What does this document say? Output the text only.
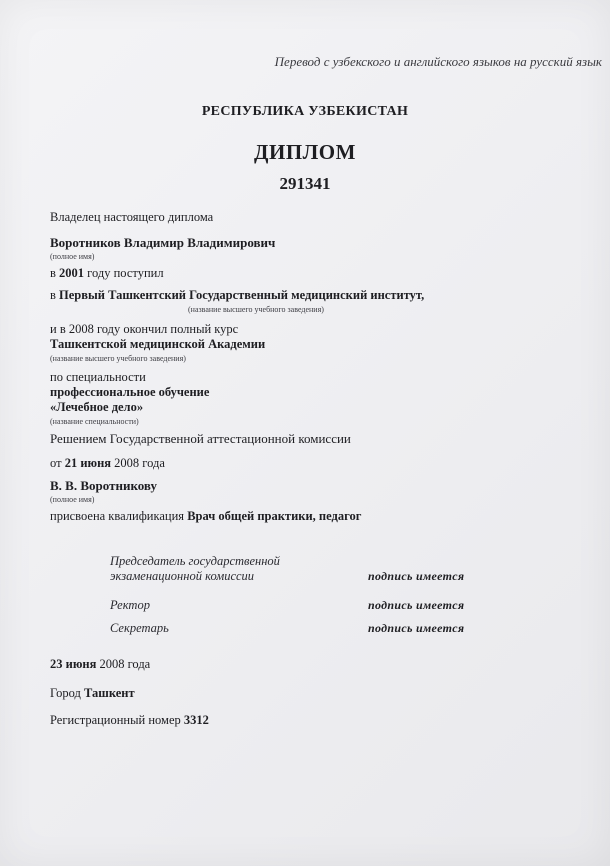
Перевод с узбекского и английского языков на русский язык
РЕСПУБЛИКА УЗБЕКИСТАН
ДИПЛОМ
291341
Владелец настоящего диплома
Воротников Владимир Владимирович
(полное имя)
в 2001 году поступил
в Первый Ташкентский Государственный медицинский институт,
(название высшего учебного заведения)
и в 2008 году окончил полный курс
Ташкентской медицинской Академии
(название высшего учебного заведения)
по специальности
профессиональное обучение
«Лечебное дело»
(название специальности)
Решением Государственной аттестационной комиссии
от 21 июня 2008 года
В. В. Воротникову
(полное имя)
присвоена квалификация Врач общей практики, педагог
Председатель государственной
экзаменационной комиссии	подпись имеется
Ректор	подпись имеется
Секретарь	подпись имеется
23 июня 2008 года
Город Ташкент
Регистрационный номер 3312
